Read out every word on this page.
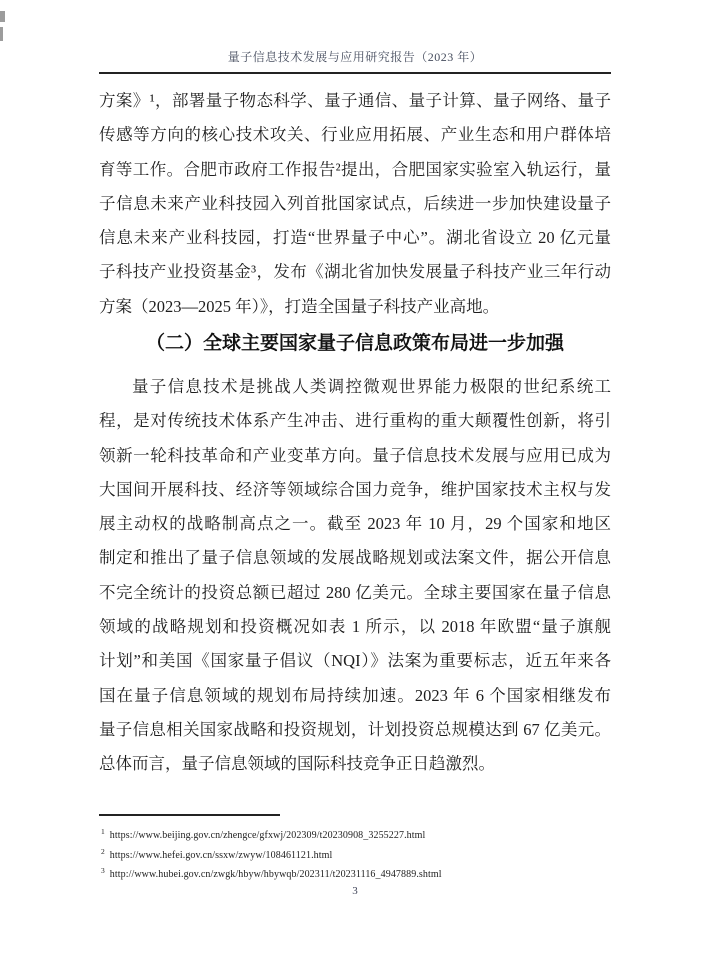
量子信息技术发展与应用研究报告（2023 年）
方案》¹，部署量子物态科学、量子通信、量子计算、量子网络、量子
传感等方向的核心技术攻关、行业应用拓展、产业生态和用户群体培
育等工作。合肥市政府工作报告²提出，合肥国家实验室入轨运行，量
子信息未来产业科技园入列首批国家试点，后续进一步加快建设量子
信息未来产业科技园，打造“世界量子中心”。湖北省设立 20 亿元量
子科技产业投资基金³，发布《湖北省加快发展量子科技产业三年行动
方案（2023—2025 年）》，打造全国量子科技产业高地。
（二）全球主要国家量子信息政策布局进一步加强
量子信息技术是挑战人类调控微观世界能力极限的世纪系统工
程，是对传统技术体系产生冲击、进行重构的重大颠覆性创新，将引
领新一轮科技革命和产业变革方向。量子信息技术发展与应用已成为
大国间开展科技、经济等领域综合国力竞争，维护国家技术主权与发
展主动权的战略制高点之一。截至 2023 年 10 月，29 个国家和地区
制定和推出了量子信息领域的发展战略规划或法案文件，据公开信息
不完全统计的投资总额已超过 280 亿美元。全球主要国家在量子信息
领域的战略规划和投资概况如表 1 所示，以 2018 年欧盟“量子旗舰
计划”和美国《国家量子倡议（NQI）》法案为重要标志，近五年来各
国在量子信息领域的规划布局持续加速。2023 年 6 个国家相继发布
量子信息相关国家战略和投资规划，计划投资总规模达到 67 亿美元。
总体而言，量子信息领域的国际科技竞争正日趋激烈。
$^1$ https://www.beijing.gov.cn/zhengce/gfxwj/202309/t20230908_3255227.html
$^2$ https://www.hefei.gov.cn/ssxw/zwyw/108461121.html
$^3$ http://www.hubei.gov.cn/zwgk/hbyw/hbywqb/202311/t20231116_4947889.shtml
3
